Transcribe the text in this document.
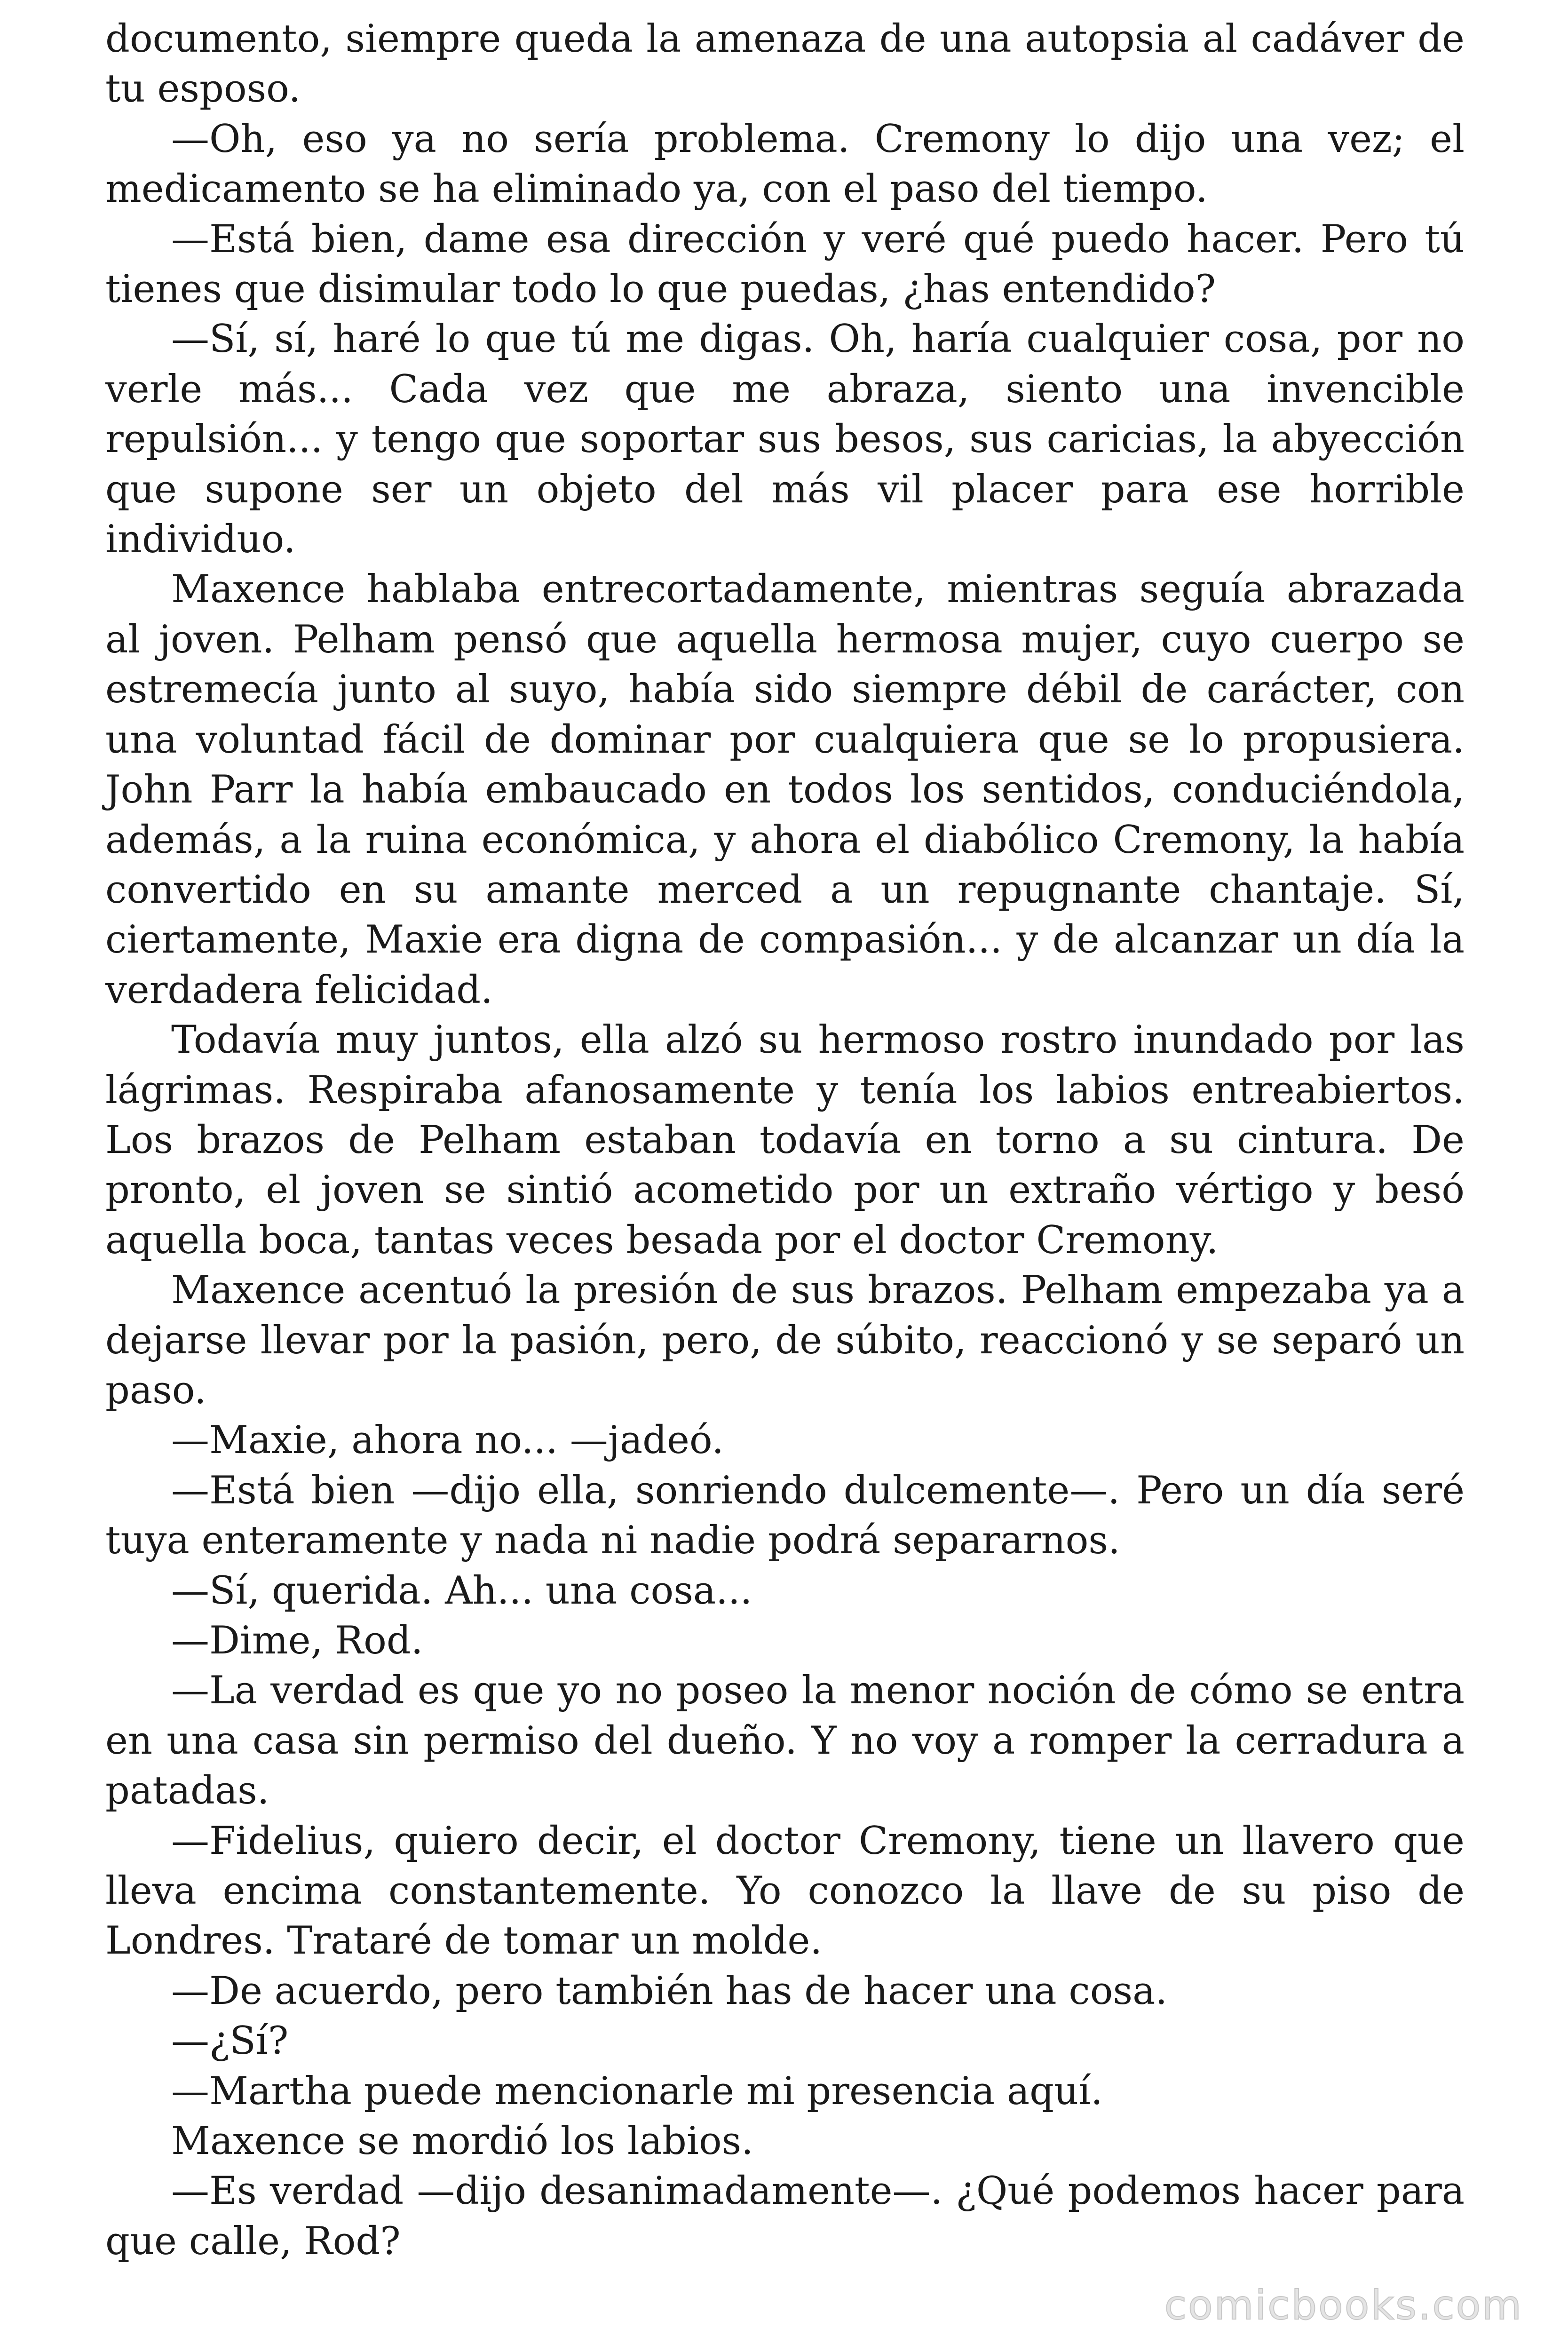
documento, siempre queda la amenaza de una autopsia al cadáver de tu esposo.

—Oh, eso ya no sería problema. Cremony lo dijo una vez; el medicamento se ha eliminado ya, con el paso del tiempo.

—Está bien, dame esa dirección y veré qué puedo hacer. Pero tú tienes que disimular todo lo que puedas, ¿has entendido?

—Sí, sí, haré lo que tú me digas. Oh, haría cualquier cosa, por no verle más... Cada vez que me abraza, siento una invencible repulsión... y tengo que soportar sus besos, sus caricias, la abyección que supone ser un objeto del más vil placer para ese horrible individuo.

Maxence hablaba entrecortadamente, mientras seguía abrazada al joven. Pelham pensó que aquella hermosa mujer, cuyo cuerpo se estremecía junto al suyo, había sido siempre débil de carácter, con una voluntad fácil de dominar por cualquiera que se lo propusiera. John Parr la había embaucado en todos los sentidos, conduciéndola, además, a la ruina económica, y ahora el diabólico Cremony, la había convertido en su amante merced a un repugnante chantaje. Sí, ciertamente, Maxie era digna de compasión... y de alcanzar un día la verdadera felicidad.

Todavía muy juntos, ella alzó su hermoso rostro inundado por las lágrimas. Respiraba afanosamente y tenía los labios entreabiertos. Los brazos de Pelham estaban todavía en torno a su cintura. De pronto, el joven se sintió acometido por un extraño vértigo y besó aquella boca, tantas veces besada por el doctor Cremony.

Maxence acentuó la presión de sus brazos. Pelham empezaba ya a dejarse llevar por la pasión, pero, de súbito, reaccionó y se separó un paso.

—Maxie, ahora no... —jadeó.

—Está bien —dijo ella, sonriendo dulcemente—. Pero un día seré tuya enteramente y nada ni nadie podrá separarnos.

—Sí, querida. Ah... una cosa...

—Dime, Rod.

—La verdad es que yo no poseo la menor noción de cómo se entra en una casa sin permiso del dueño. Y no voy a romper la cerradura a patadas.

—Fidelius, quiero decir, el doctor Cremony, tiene un llavero que lleva encima constantemente. Yo conozco la llave de su piso de Londres. Trataré de tomar un molde.

—De acuerdo, pero también has de hacer una cosa.

—¿Sí?

—Martha puede mencionarle mi presencia aquí.

Maxence se mordió los labios.

—Es verdad —dijo desanimadamente—. ¿Qué podemos hacer para que calle, Rod?

comicbooks.com
